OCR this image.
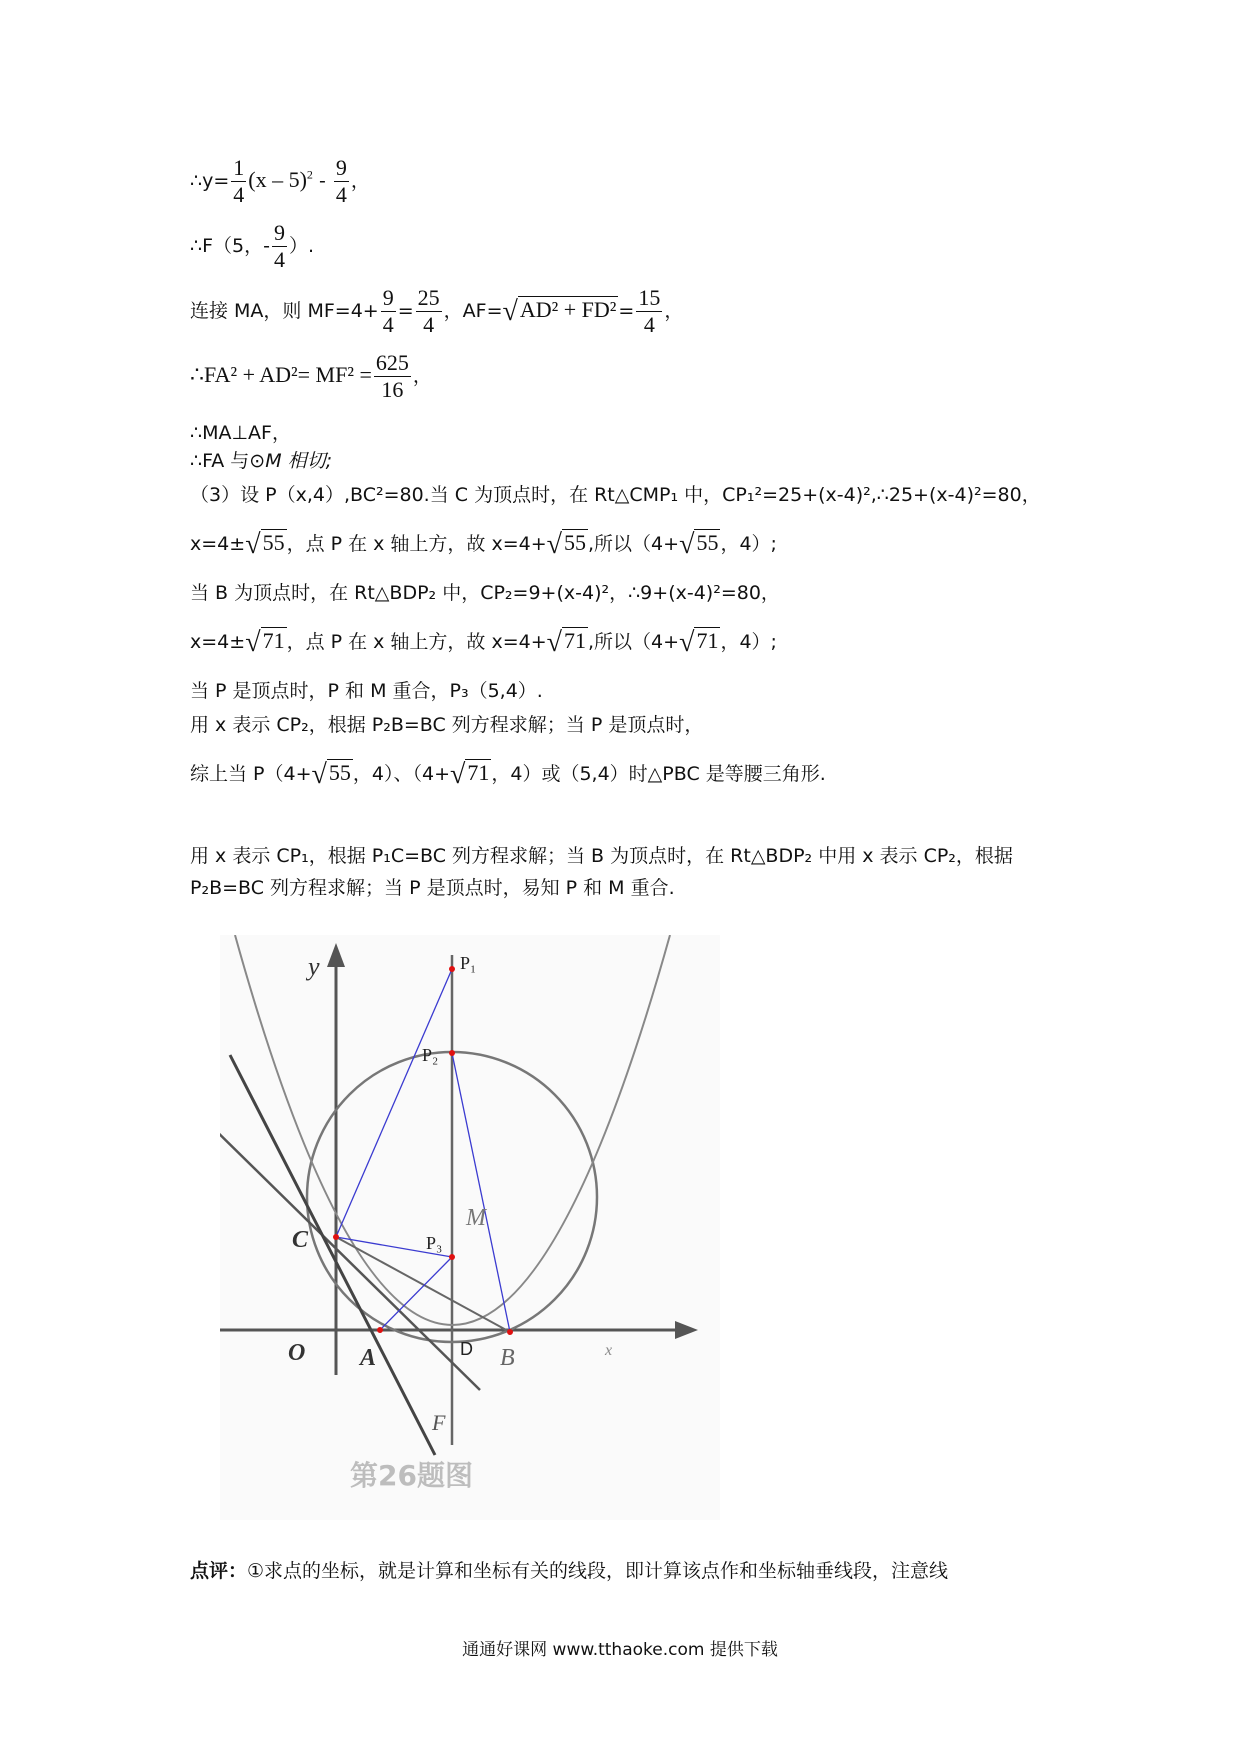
∴y= $\frac{1}{4} (x - 5)^2 - \frac{9}{4}$ ，
∴F（5，- $\frac{9}{4}$ ）.
连接 MA，则 $MF=4+ \frac{9}{4} = \frac{25}{4}$ ，$AF=√AD^2 + FD^2 = \frac{15}{4}$ ，
∴FA² + $AD^2= MF^2 = \frac{625}{16}$ ，
∴MA⊥AF，
∴FA 与⊙M 相切;
（3）设 P（x,4）,BC²=80.当 C 为顶点时，在 Rt△CMP₁ 中，CP₁²=25+(x-4)²,∴25+(x-4)²=80，
x=4±√55 ，点 P 在 x 轴上方，故 x=4+√55 ,所以（4+√55 ，4）;
当 B 为顶点时，在 Rt△BDP₂ 中，CP₂=9+(x-4)²，∴9+(x-4)²=80，
x=4±√71 ，点 P 在 x 轴上方，故 x=4+√71 ,所以（4+√71 ，4）;
当 P 是顶点时，P 和 M 重合，P₃（5,4）.
用 x 表示 CP₂，根据 P₂B=BC 列方程求解；当 P 是顶点时，
综上当 P（4+√55 ，4）、（4+√71 ，4）或（5,4）时△PBC 是等腰三角形.
用 x 表示 CP₁，根据 P₁C=BC 列方程求解；当 B 为顶点时，在 Rt△BDP₂ 中用 x 表示 CP₂，根据
P₂B=BC 列方程求解；当 P 是顶点时，易知 P 和 M 重合.
y
x
O A	B
C
D
F
M
P₁
P₂
P₃
第26题图
点评：①求点的坐标，就是计算和坐标有关的线段，即计算该点作和坐标轴垂线段，注意线
通通好课网 www.tthaoke.com 提供下载
